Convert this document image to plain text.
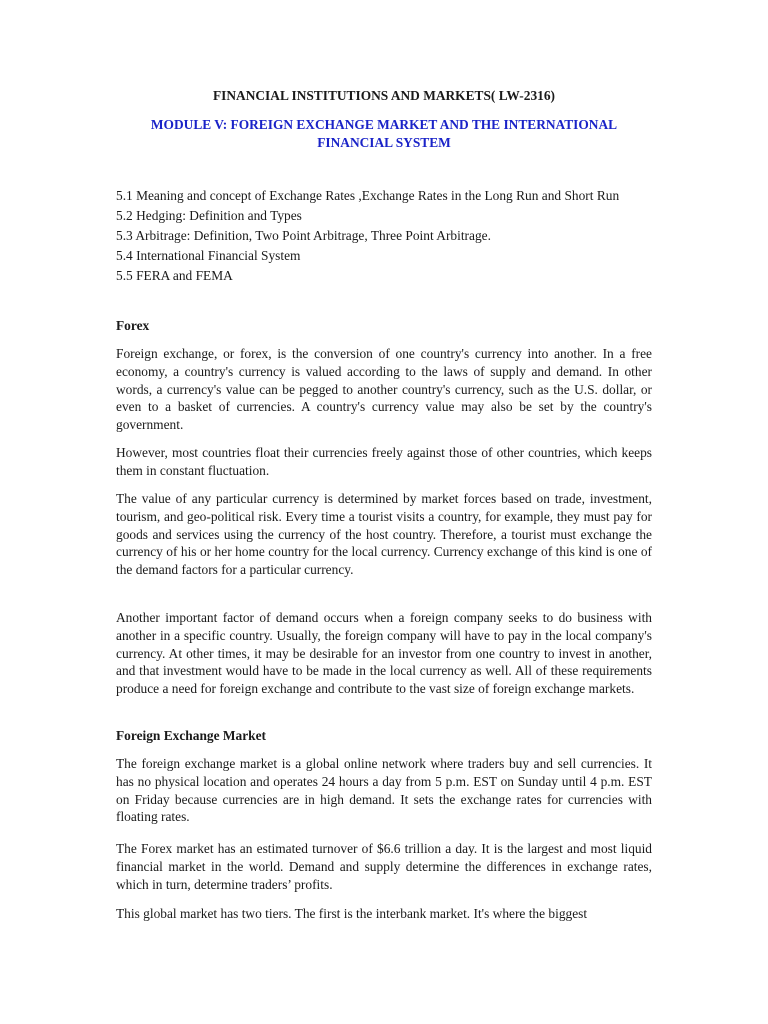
FINANCIAL INSTITUTIONS AND MARKETS( LW-2316)
MODULE V: FOREIGN EXCHANGE MARKET AND THE INTERNATIONAL
FINANCIAL SYSTEM
5.1 Meaning and concept of Exchange Rates ,Exchange Rates in the Long Run and Short Run
5.2 Hedging: Definition and Types
5.3 Arbitrage: Definition, Two Point Arbitrage, Three Point Arbitrage.
5.4 International Financial System
5.5 FERA and FEMA
Forex

Foreign exchange, or forex, is the conversion of one country's currency into another. In a free economy, a country's currency is valued according to the laws of supply and demand. In other words, a currency's value can be pegged to another country's currency, such as the U.S. dollar, or even to a basket of currencies. A country's currency value may also be set by the country's government.

However, most countries float their currencies freely against those of other countries, which keeps them in constant fluctuation.

The value of any particular currency is determined by market forces based on trade, investment, tourism, and geo-political risk. Every time a tourist visits a country, for example, they must pay for goods and services using the currency of the host country. Therefore, a tourist must exchange the currency of his or her home country for the local currency. Currency exchange of this kind is one of the demand factors for a particular currency.

Another important factor of demand occurs when a foreign company seeks to do business with another in a specific country. Usually, the foreign company will have to pay in the local company's currency. At other times, it may be desirable for an investor from one country to invest in another, and that investment would have to be made in the local currency as well. All of these requirements produce a need for foreign exchange and contribute to the vast size of foreign exchange markets.

Foreign Exchange Market

The foreign exchange market is a global online network where traders buy and sell currencies. It has no physical location and operates 24 hours a day from 5 p.m. EST on Sunday until 4 p.m. EST on Friday because currencies are in high demand. It sets the exchange rates for currencies with floating rates.

The Forex market has an estimated turnover of $6.6 trillion a day. It is the largest and most liquid financial market in the world. Demand and supply determine the differences in exchange rates, which in turn, determine traders’ profits.

This global market has two tiers. The first is the interbank market. It's where the biggest
